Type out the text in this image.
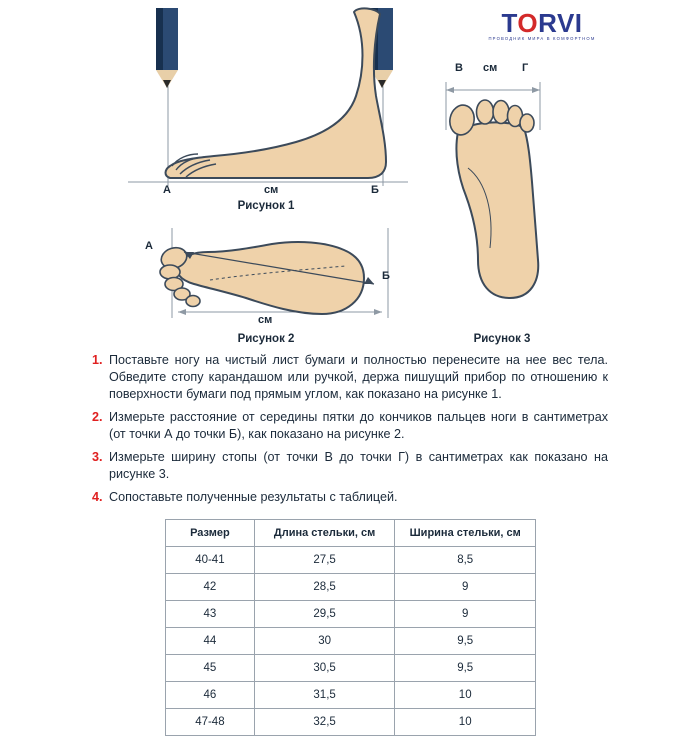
TORVI
ПРОВОДНИК МИРА В КОМФОРТНОМ
А	Б
см
Рисунок 1
А
Б
см
Рисунок 2
В	Г
см
Рисунок 3
1. Поставьте ногу на чистый лист бумаги и полностью перенесите на нее вес тела. Обведите стопу карандашом или ручкой, держа пишущий прибор по отношению к поверхности бумаги под прямым углом, как показано на рисунке 1.
2. Измерьте расстояние от середины пятки до кончиков пальцев ноги в сантиметрах (от точки А до точки Б), как показано на рисунке 2.
3. Измерьте ширину стопы (от точки В до точки Г) в сантиметрах как показано на рисунке 3.
4. Сопоставьте полученные результаты с таблицей.
Размер	Длина стельки, см	Ширина стельки, см
40-41	27,5	8,5
42	28,5	9
43	29,5	9
44	30	9,5
45	30,5	9,5
46	31,5	10
47-48	32,5	10
